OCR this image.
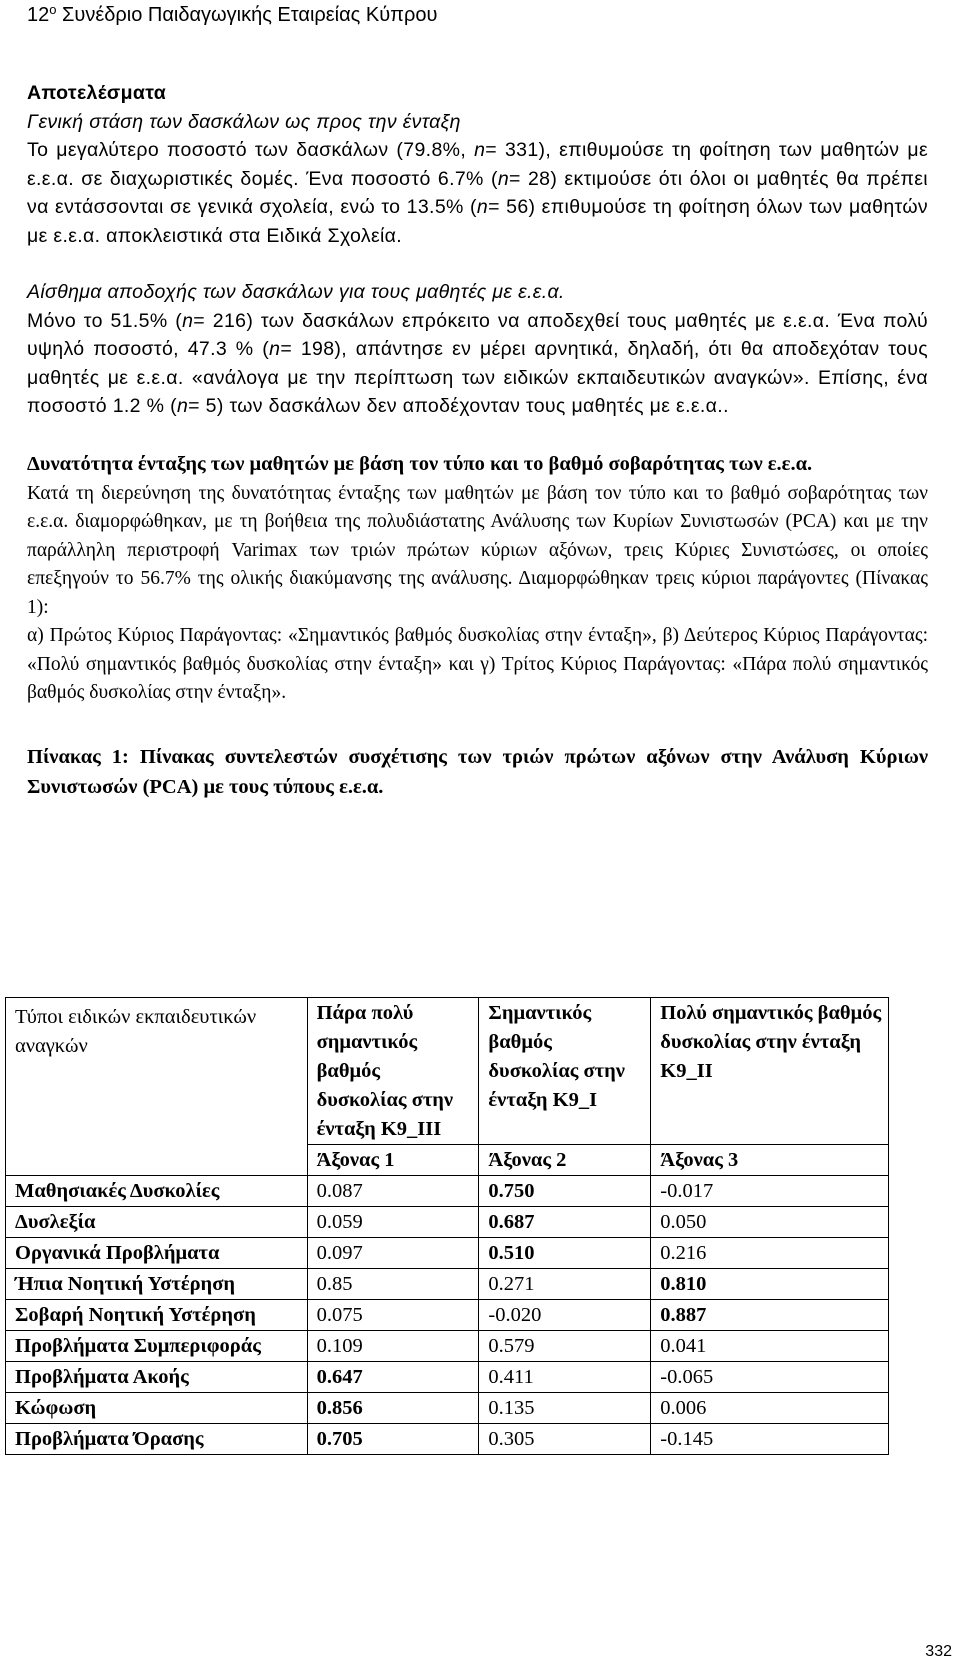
$12^o$ Συνέδριο Παιδαγωγικής Εταιρείας Κύπρου

Αποτελέσματα

Γενική στάση των δασκάλων ως προς την ένταξη

Το μεγαλύτερο ποσοστό των δασκάλων (79.8%, n= 331), επιθυμούσε τη φοίτηση των μαθητών με ε.ε.α. σε διαχωριστικές δομές. Ένα ποσοστό 6.7% (n= 28) εκτιμούσε ότι όλοι οι μαθητές θα πρέπει να εντάσσονται σε γενικά σχολεία, ενώ το 13.5% (n= 56) επιθυμούσε τη φοίτηση όλων των μαθητών με ε.ε.α. αποκλειστικά στα Ειδικά Σχολεία.

Αίσθημα αποδοχής των δασκάλων για τους μαθητές με ε.ε.α.

Μόνο το 51.5% (n= 216) των δασκάλων επρόκειτο να αποδεχθεί τους μαθητές με ε.ε.α. Ένα πολύ υψηλό ποσοστό, 47.3 % (n= 198), απάντησε εν μέρει αρνητικά, δηλαδή, ότι θα αποδεχόταν τους μαθητές με ε.ε.α. «ανάλογα με την περίπτωση των ειδικών εκπαιδευτικών αναγκών». Επίσης, ένα ποσοστό 1.2 % (n= 5) των δασκάλων δεν αποδέχονταν τους μαθητές με ε.ε.α..

Δυνατότητα ένταξης των μαθητών με βάση τον τύπο και το βαθμό σοβαρότητας των ε.ε.α.

Κατά τη διερεύνηση της δυνατότητας ένταξης των μαθητών με βάση τον τύπο και το βαθμό σοβαρότητας των ε.ε.α. διαμορφώθηκαν, με τη βοήθεια της πολυδιάστατης Ανάλυσης των Κυρίων Συνιστωσών (PCA) και με την παράλληλη περιστροφή Varimax των τριών πρώτων κύριων αξόνων, τρεις Κύριες Συνιστώσες, οι οποίες επεξηγούν το 56.7% της ολικής διακύμανσης της ανάλυσης. Διαμορφώθηκαν τρεις κύριοι παράγοντες (Πίνακας 1):

α) Πρώτος Κύριος Παράγοντας: «Σημαντικός βαθμός δυσκολίας στην ένταξη», β) Δεύτερος Κύριος Παράγοντας: «Πολύ σημαντικός βαθμός δυσκολίας στην ένταξη» και γ) Τρίτος Κύριος Παράγοντας: «Πάρα πολύ σημαντικός βαθμός δυσκολίας στην ένταξη».

Πίνακας 1: Πίνακας συντελεστών συσχέτισης των τριών πρώτων αξόνων στην Ανάλυση Κύριων Συνιστωσών (PCA) με τους τύπους ε.ε.α.

Τύποι ειδικών εκπαιδευτικών αναγκών	Πάρα πολύ σημαντικός βαθμός δυσκολίας στην ένταξη Κ9_ΙΙΙ	Σημαντικός βαθμός δυσκολίας στην ένταξη Κ9_Ι	Πολύ σημαντικός βαθμός δυσκολίας στην ένταξη Κ9_ΙΙ
	Άξονας 1	Άξονας 2	Άξονας 3
Μαθησιακές Δυσκολίες	0.087	0.750	-0.017
Δυσλεξία	0.059	0.687	0.050
Οργανικά Προβλήματα	0.097	0.510	0.216
Ήπια Νοητική Υστέρηση	0.85	0.271	0.810
Σοβαρή Νοητική Υστέρηση	0.075	-0.020	0.887
Προβλήματα Συμπεριφοράς	0.109	0.579	0.041
Προβλήματα Ακοής	0.647	0.411	-0.065
Κώφωση	0.856	0.135	0.006
Προβλήματα Όρασης	0.705	0.305	-0.145
332
